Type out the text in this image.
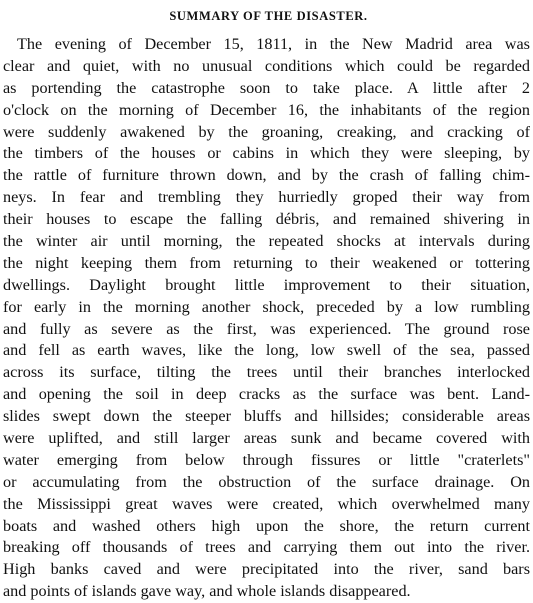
SUMMARY OF THE DISASTER.
The evening of December 15, 1811, in the New Madrid area was
clear and quiet, with no unusual conditions which could be regarded
as portending the catastrophe soon to take place. A little after 2
o'clock on the morning of December 16, the inhabitants of the region
were suddenly awakened by the groaning, creaking, and cracking of
the timbers of the houses or cabins in which they were sleeping, by
the rattle of furniture thrown down, and by the crash of falling chim-
neys. In fear and trembling they hurriedly groped their way from
their houses to escape the falling débris, and remained shivering in
the winter air until morning, the repeated shocks at intervals during
the night keeping them from returning to their weakened or tottering
dwellings. Daylight brought little improvement to their situation,
for early in the morning another shock, preceded by a low rumbling
and fully as severe as the first, was experienced. The ground rose
and fell as earth waves, like the long, low swell of the sea, passed
across its surface, tilting the trees until their branches interlocked
and opening the soil in deep cracks as the surface was bent. Land-
slides swept down the steeper bluffs and hillsides; considerable areas
were uplifted, and still larger areas sunk and became covered with
water emerging from below through fissures or little "craterlets"
or accumulating from the obstruction of the surface drainage. On
the Mississippi great waves were created, which overwhelmed many
boats and washed others high upon the shore, the return current
breaking off thousands of trees and carrying them out into the river.
High banks caved and were precipitated into the river, sand bars
and points of islands gave way, and whole islands disappeared.
